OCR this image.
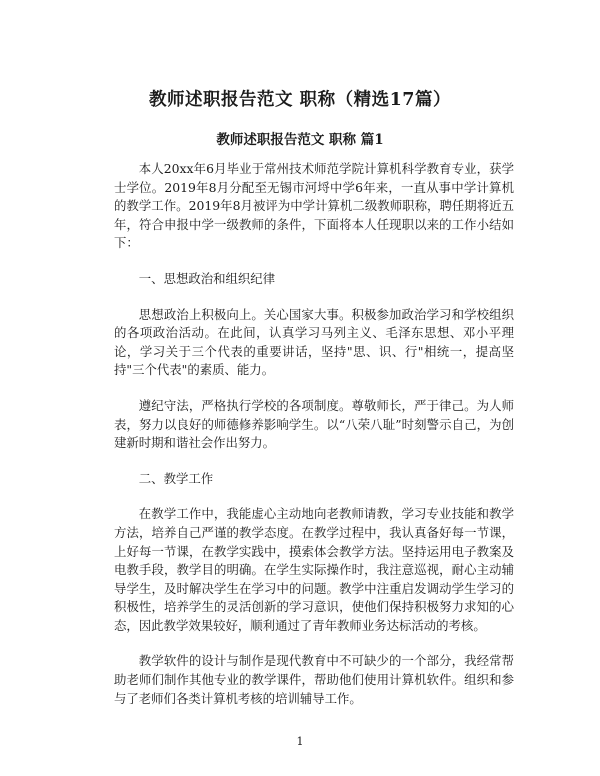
教师述职报告范文 职称（精选17篇）
教师述职报告范文 职称 篇1

本人20xx年6月毕业于常州技术师范学院计算机科学教育专业，获学士学位。2019年8月分配至无锡市河埒中学6年来，一直从事中学计算机的教学工作。2019年8月被评为中学计算机二级教师职称，聘任期将近五年，符合申报中学一级教师的条件，下面将本人任现职以来的工作小结如下：

一、思想政治和组织纪律

思想政治上积极向上。关心国家大事。积极参加政治学习和学校组织的各项政治活动。在此间，认真学习马列主义、毛泽东思想、邓小平理论，学习关于三个代表的重要讲话，坚持"思、识、行"相统一，提高坚持"三个代表"的素质、能力。

遵纪守法，严格执行学校的各项制度。尊敬师长，严于律己。为人师表，努力以良好的师德修养影响学生。以“八荣八耻”时刻警示自己，为创建新时期和谐社会作出努力。

二、教学工作

在教学工作中，我能虚心主动地向老教师请教，学习专业技能和教学方法，培养自己严谨的教学态度。在教学过程中，我认真备好每一节课，上好每一节课，在教学实践中，摸索体会教学方法。坚持运用电子教案及电教手段，教学目的明确。在学生实际操作时，我注意巡视，耐心主动辅导学生，及时解决学生在学习中的问题。教学中注重启发调动学生学习的积极性，培养学生的灵活创新的学习意识，使他们保持积极努力求知的心态，因此教学效果较好，顺利通过了青年教师业务达标活动的考核。

教学软件的设计与制作是现代教育中不可缺少的一个部分，我经常帮助老师们制作其他专业的教学课件，帮助他们使用计算机软件。组织和参与了老师们各类计算机考核的培训辅导工作。

1
